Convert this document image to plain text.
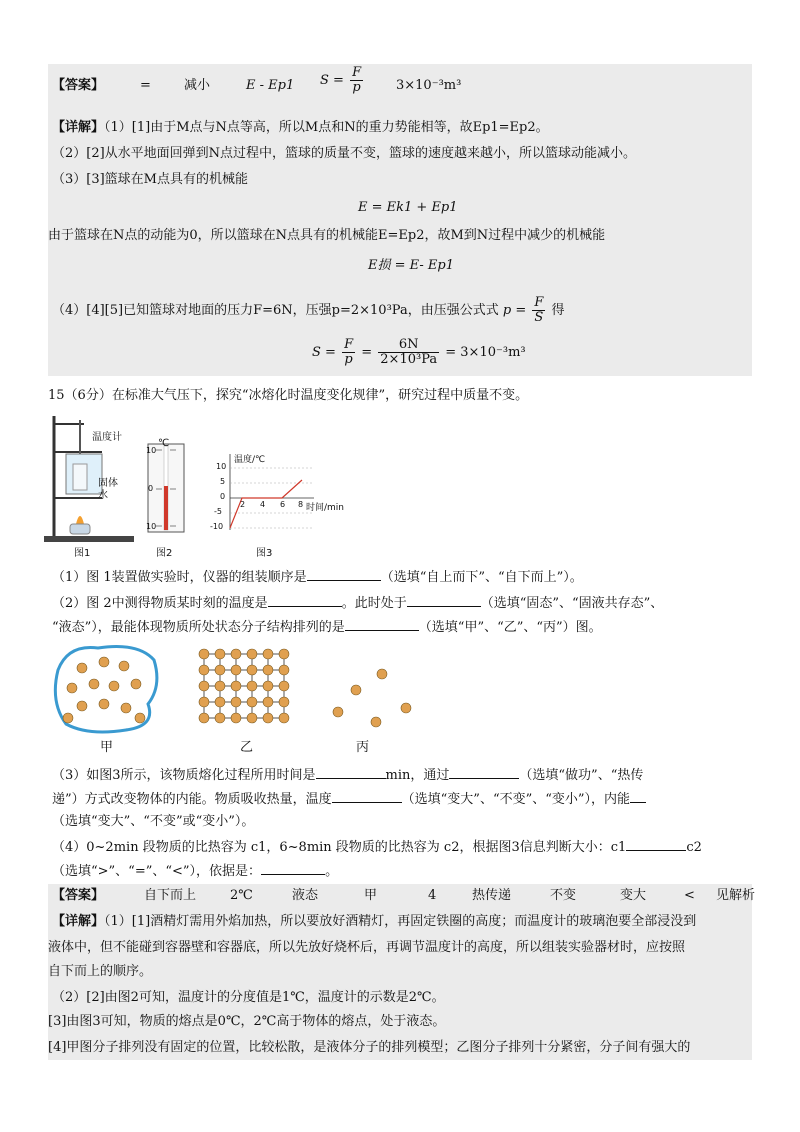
【答案】	=	减小	E - Ep1 $S = \frac{F}{p}$	3×10⁻³m³
【详解】（1）[1]由于M点与N点等高，所以M点和N的重力势能相等，故Ep1=Ep2。
（2）[2]从水平地面回弹到N点过程中，篮球的质量不变，篮球的速度越来越小，所以篮球动能减小。
（3）[3]篮球在M点具有的机械能
E = Ek1 + Ep1
由于篮球在N点的动能为0，所以篮球在N点具有的机械能E=Ep2，故M到N过程中减少的机械能
E损 = E- Ep1
（4）[4][5]已知篮球对地面的压力F=6N，压强p=2×10³Pa，由压强公式式 $p = \frac{F}{S}$ 得
$S = \frac{F}{p} = \frac{6N}{\text{2×10³Pa}} = 3\times 10^{-3}m^3$
15（6分）在标准大气压下，探究“冰熔化时温度变化规律”，研究过程中质量不变。
温度计
固体
水
图1
℃
10
0
10
图2
温度/℃
10
5
0
-5
-10
2 4 6 8 时间/min
图3
（1）图 1装置做实验时，仪器的组装顺序是	（选填“自上而下”、“自下而上”）。
（2）图 2中测得物质某时刻的温度是	。此时处于	（选填“固态”、“固液共存态”、
“液态”），最能体现物质所处状态分子结构排列的是	（选填“甲”、“乙”、“丙”）图。
甲	乙	丙
（3）如图3所示，该物质熔化过程所用时间是	min，通过	（选填“做功”、“热传
递”）方式改变物体的内能。物质吸收热量，温度	（选填“变大”、“不变”、“变小”），内能
（选填“变大”、“不变”或“变小”）。
（4）0~2min 段物质的比热容为 c1，6~8min 段物质的比热容为 c2，根据图3信息判断大小：c1	c2
（选填“>”、“=”、“<”），依据是：	。
【答案】	自下而上	2℃	液态	甲	4	热传递	不变	变大	< 见解析
【详解】（1）[1]酒精灯需用外焰加热，所以要放好酒精灯，再固定铁圈的高度；而温度计的玻璃泡要全部浸没到
液体中，但不能碰到容器壁和容器底，所以先放好烧杯后，再调节温度计的高度，所以组装实验器材时，应按照
自下而上的顺序。
（2）[2]由图2可知，温度计的分度值是1℃，温度计的示数是2℃。
[3]由图3可知，物质的熔点是0℃，2℃高于物体的熔点，处于液态。
[4]甲图分子排列没有固定的位置，比较松散，是液体分子的排列模型；乙图分子排列十分紧密，分子间有强大的
